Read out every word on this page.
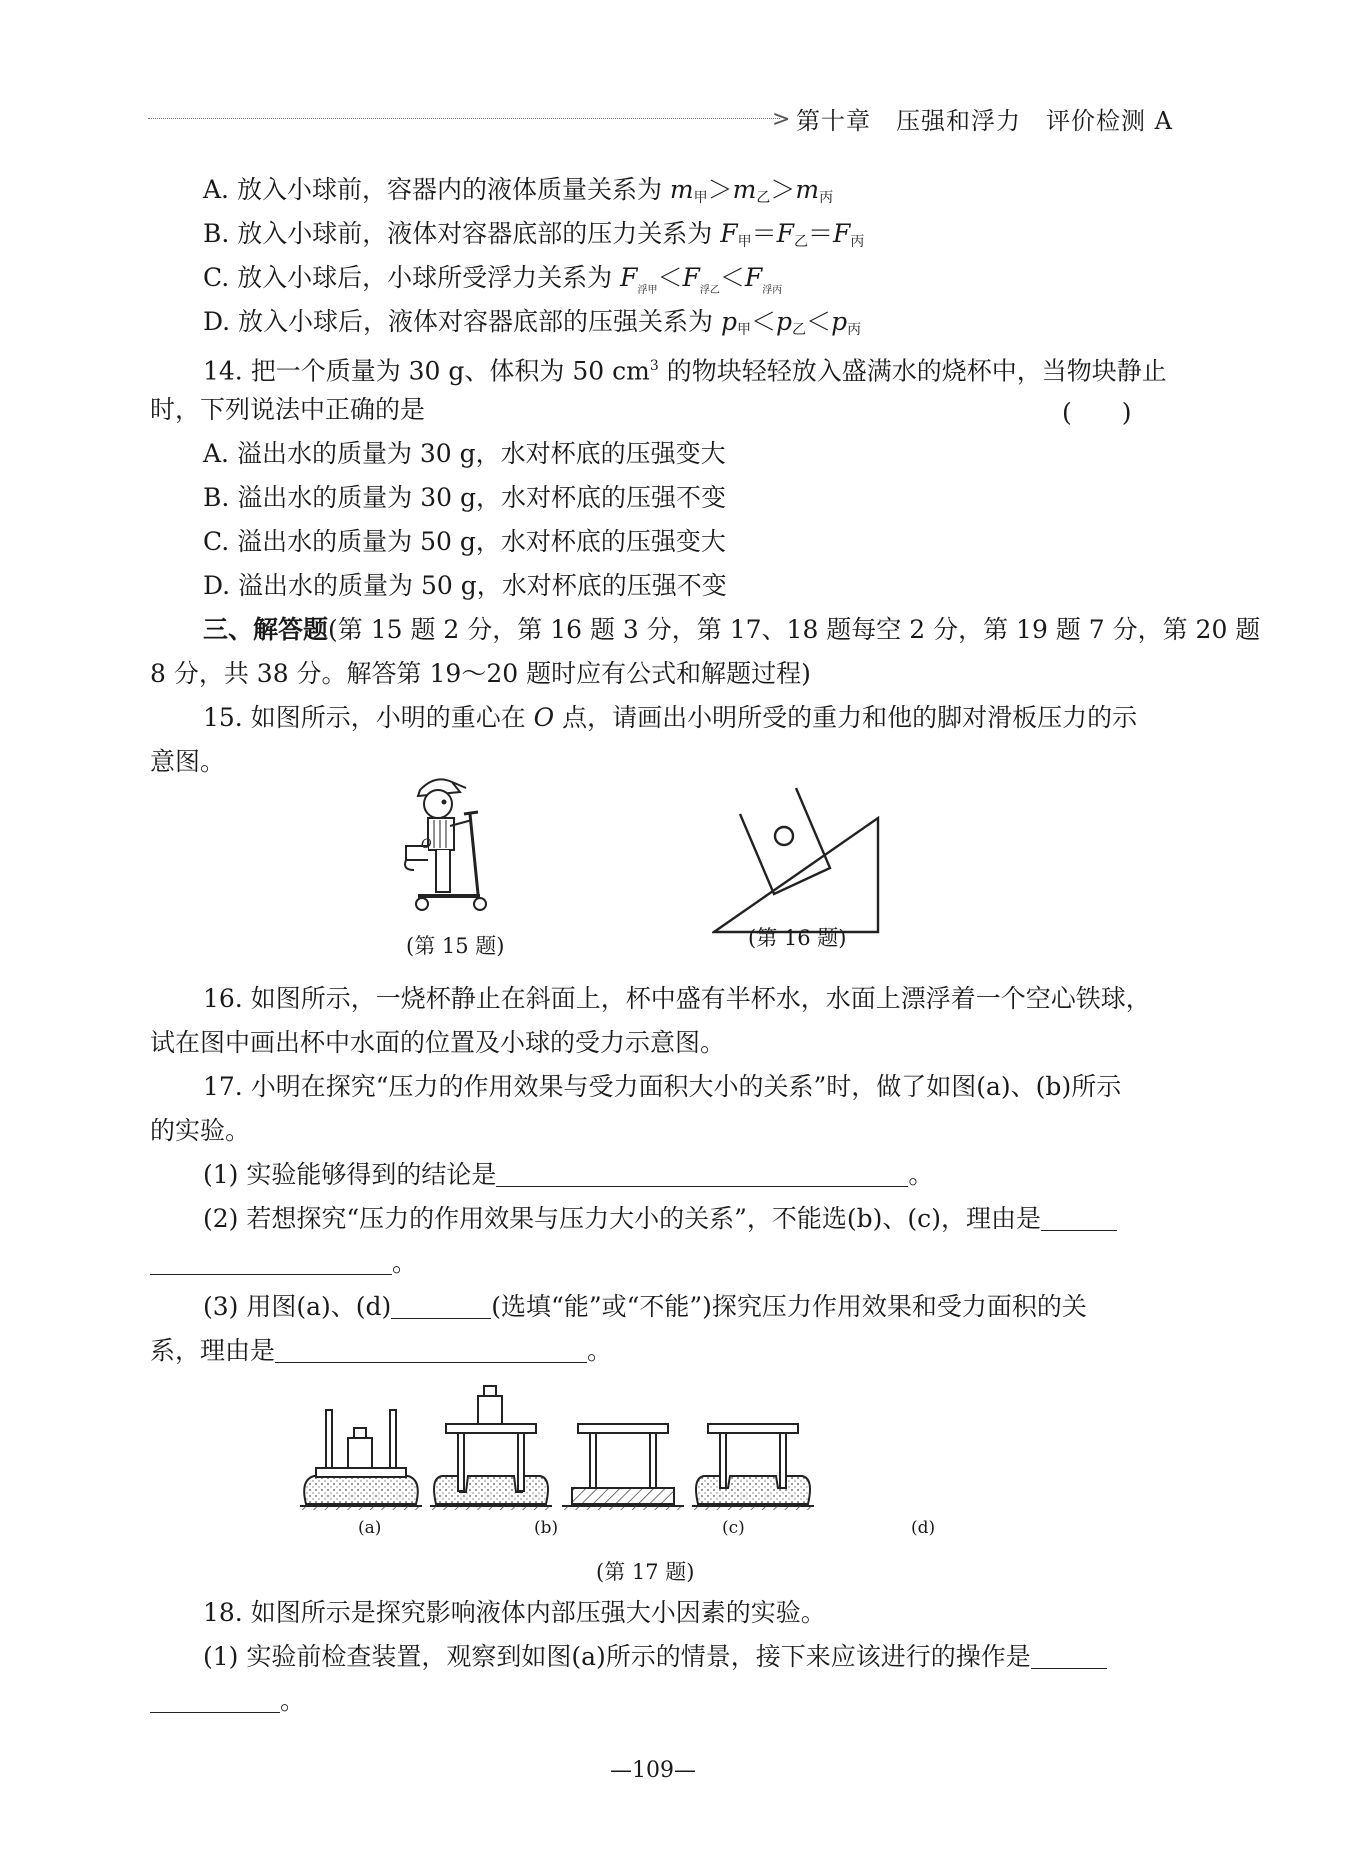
> 第十章　压强和浮力　评价检测 A
A. 放入小球前，容器内的液体质量关系为 $m_甲>m_乙>m_丙$
B. 放入小球前，液体对容器底部的压力关系为 $F_甲=F_乙=F_丙$
C. 放入小球后，小球所受浮力关系为 $F_{浮甲}<F_{浮乙}<F_{浮丙}$
D. 放入小球后，液体对容器底部的压强关系为 $p_甲<p_乙<p_丙$
14. 把一个质量为 30 g、体积为 50 $cm^3$ 的物块轻轻放入盛满水的烧杯中，当物块静止
时，下列说法中正确的是	(　　)
A. 溢出水的质量为 30 g，水对杯底的压强变大
B. 溢出水的质量为 30 g，水对杯底的压强不变
C. 溢出水的质量为 50 g，水对杯底的压强变大
D. 溢出水的质量为 50 g，水对杯底的压强不变
三、解答题(第 15 题 2 分，第 16 题 3 分，第 17、18 题每空 2 分，第 19 题 7 分，第 20 题
8 分，共 38 分。解答第 19～20 题时应有公式和解题过程)
15. 如图所示，小明的重心在 O 点，请画出小明所受的重力和他的脚对滑板压力的示
意图。
O
(第 15 题)	(第 16 题)
16. 如图所示，一烧杯静止在斜面上，杯中盛有半杯水，水面上漂浮着一个空心铁球，
试在图中画出杯中水面的位置及小球的受力示意图。
17. 小明在探究“压力的作用效果与受力面积大小的关系”时，做了如图(a)、(b)所示
的实验。
(1) 实验能够得到的结论是	。
(2) 若想探究“压力的作用效果与压力大小的关系”，不能选(b)、(c)，理由是
。
(3) 用图(a)、(d)	(选填“能”或“不能”)探究压力作用效果和受力面积的关
系，理由是	。
(a)	(b)	(c)	(d)
(第 17 题)
18. 如图所示是探究影响液体内部压强大小因素的实验。
(1) 实验前检查装置，观察到如图(a)所示的情景，接下来应该进行的操作是
。
—109—
